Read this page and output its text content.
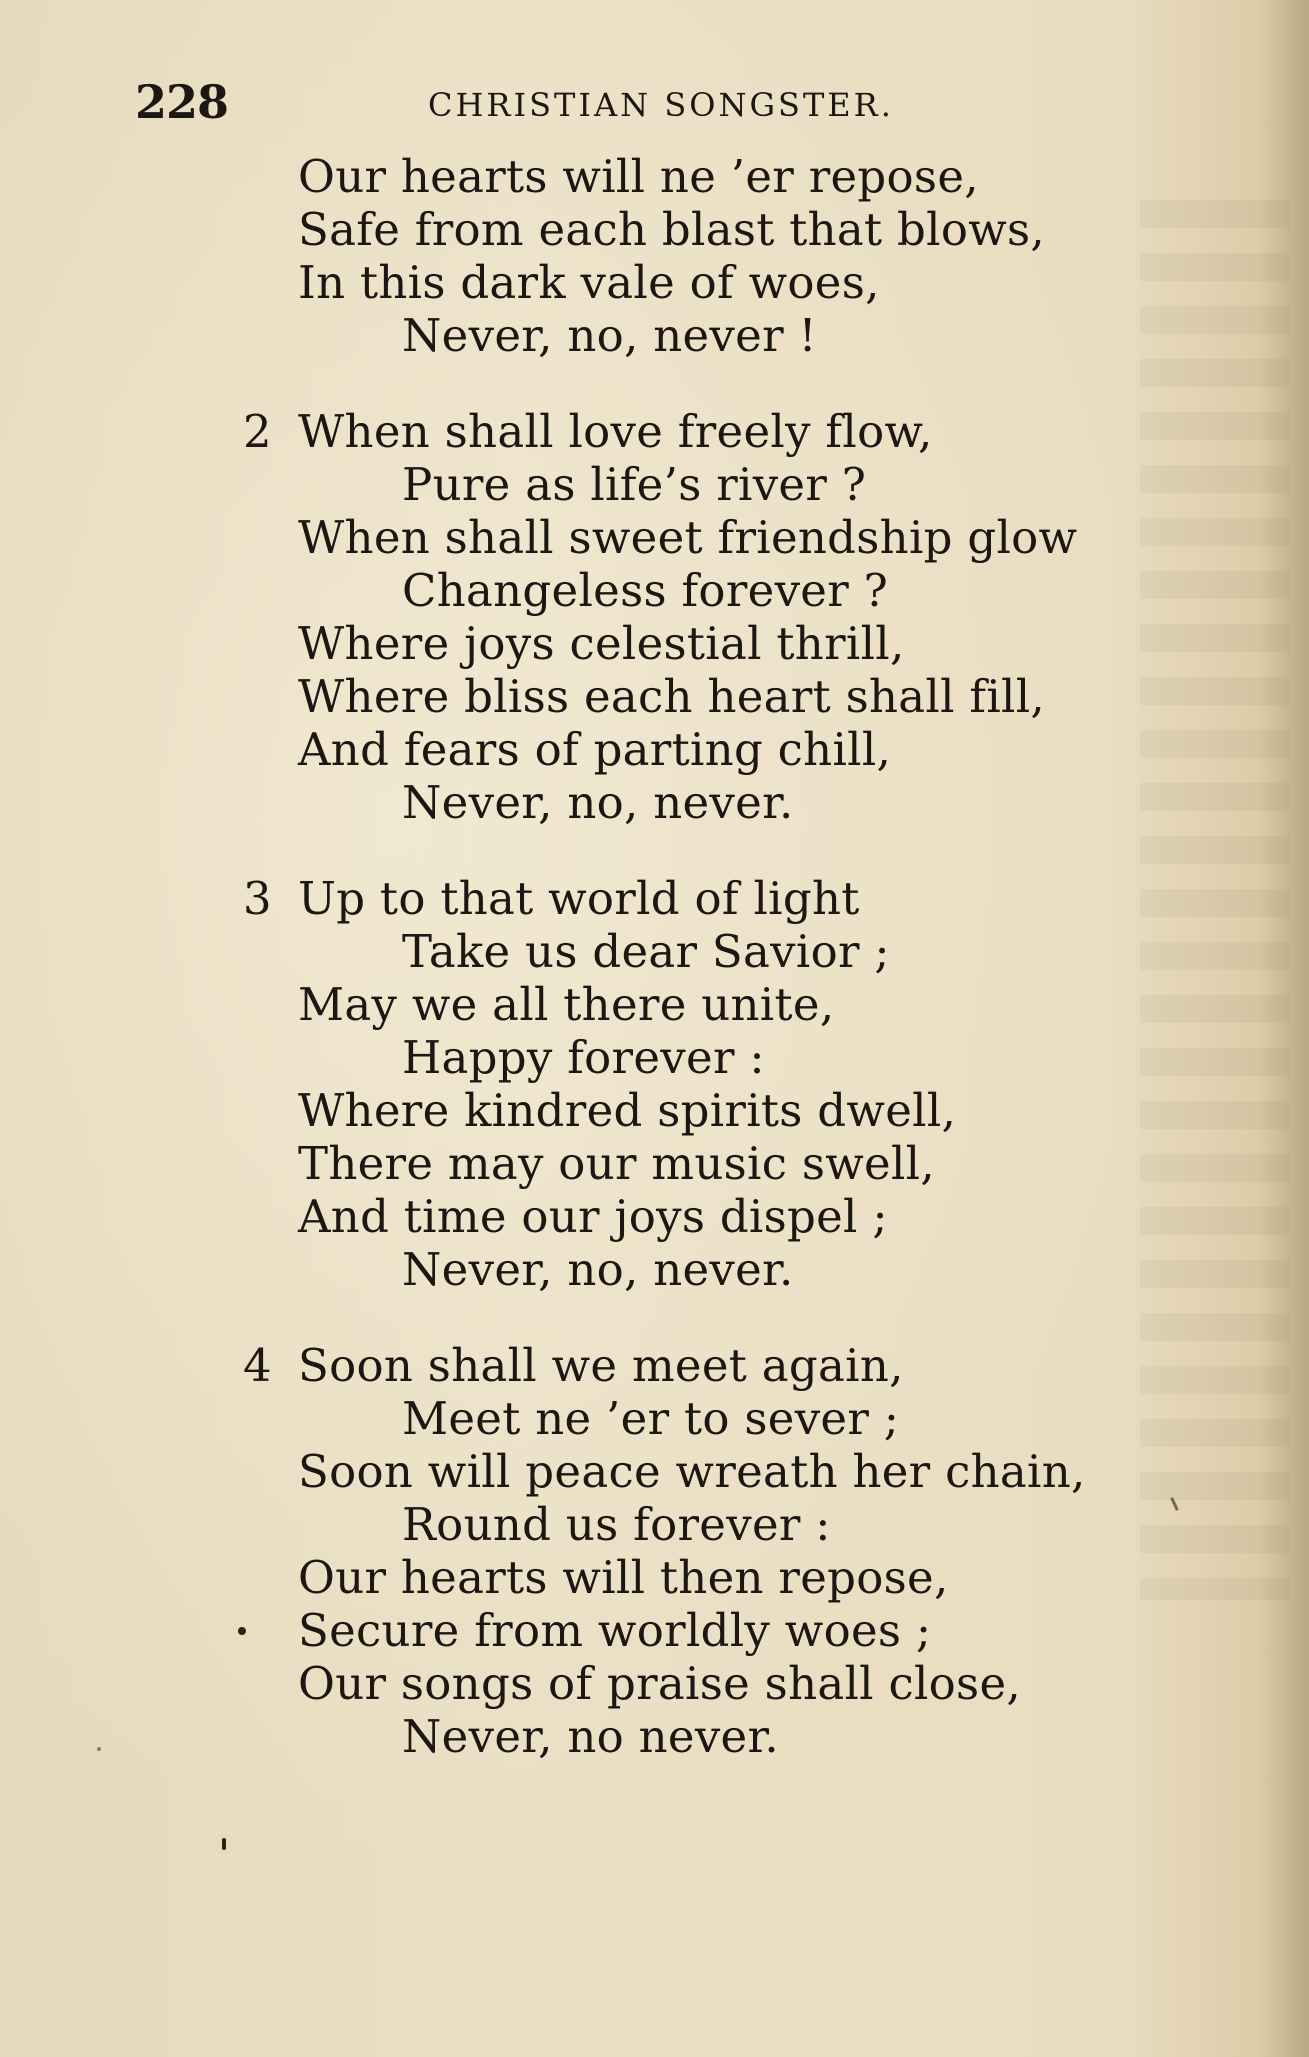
228	CHRISTIAN SONGSTER.
Our hearts will ne ’er repose,
Safe from each blast that blows,
In this dark vale of woes,
Never, no, never !
2 When shall love freely flow,
Pure as life’s river ?
When shall sweet friendship glow
Changeless forever ?
Where joys celestial thrill,
Where bliss each heart shall fill,
And fears of parting chill,
Never, no, never.
3 Up to that world of light
Take us dear Savior ;
May we all there unite,
Happy forever :
Where kindred spirits dwell,
There may our music swell,
And time our joys dispel ;
Never, no, never.
4 Soon shall we meet again,
Meet ne ’er to sever ;
Soon will peace wreath her chain,
Round us forever :
Our hearts will then repose,
Secure from worldly woes ;
Our songs of praise shall close,
Never, no never.
